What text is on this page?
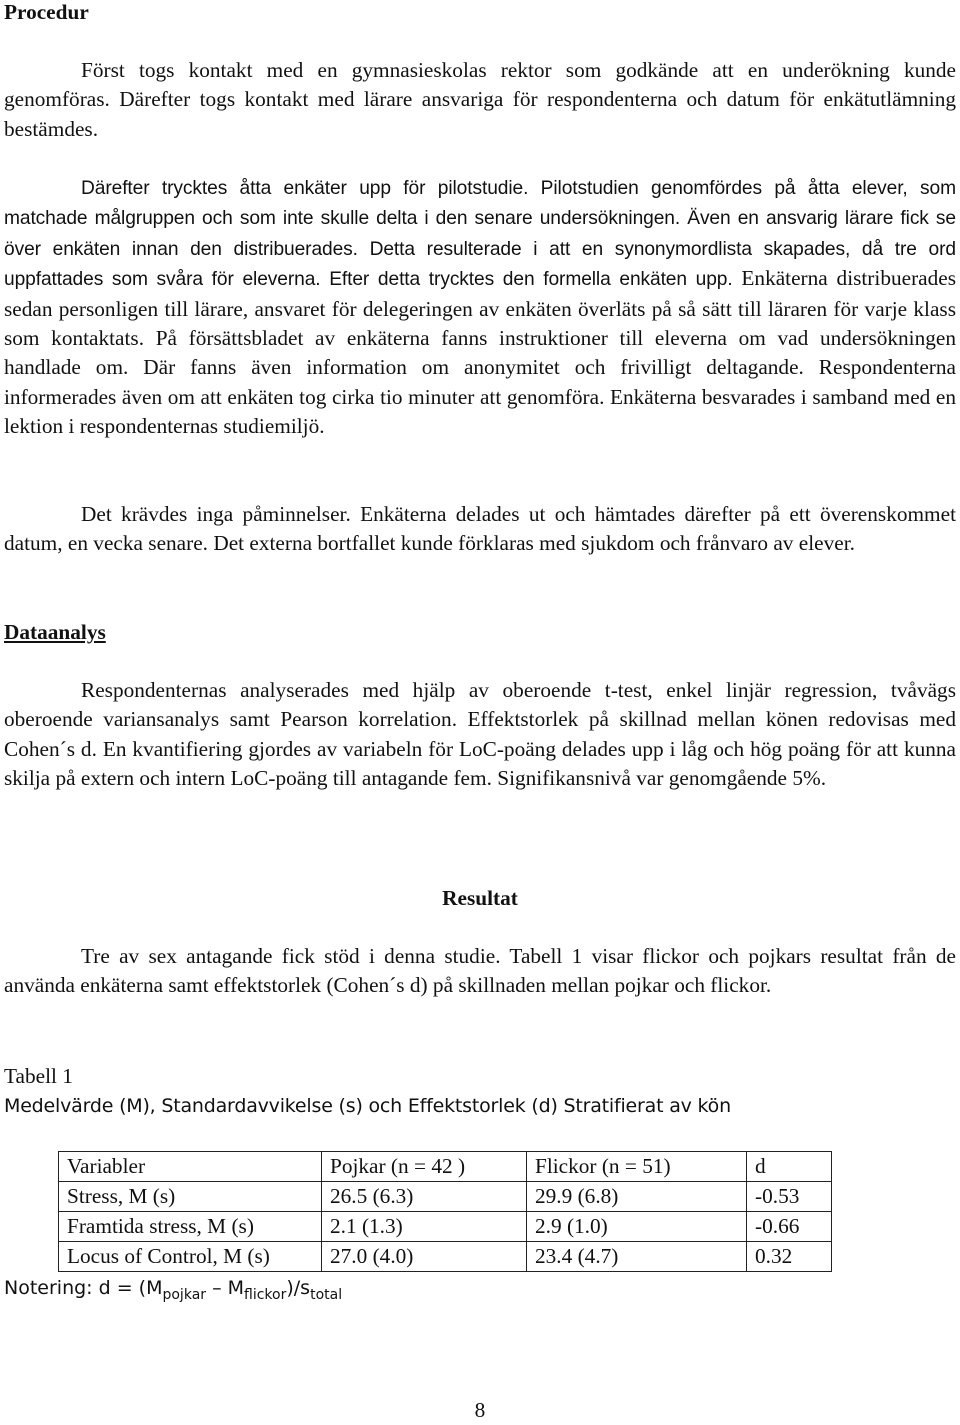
Procedur

Först togs kontakt med en gymnasieskolas rektor som godkände att en underökning kunde genomföras. Därefter togs kontakt med lärare ansvariga för respondenterna och datum för enkätutlämning bestämdes.

Därefter trycktes åtta enkäter upp för pilotstudie. Pilotstudien genomfördes på åtta elever, som matchade målgruppen och som inte skulle delta i den senare undersökningen. Även en ansvarig lärare fick se över enkäten innan den distribuerades. Detta resulterade i att en synonymordlista skapades, då tre ord uppfattades som svåra för eleverna. Efter detta trycktes den formella enkäten upp. Enkäterna distribuerades sedan personligen till lärare, ansvaret för delegeringen av enkäten överläts på så sätt till läraren för varje klass som kontaktats. På försättsbladet av enkäterna fanns instruktioner till eleverna om vad undersökningen handlade om. Där fanns även information om anonymitet och frivilligt deltagande. Respondenterna informerades även om att enkäten tog cirka tio minuter att genomföra. Enkäterna besvarades i samband med en lektion i respondenternas studiemiljö.

Det krävdes inga påminnelser. Enkäterna delades ut och hämtades därefter på ett överenskommet datum, en vecka senare. Det externa bortfallet kunde förklaras med sjukdom och frånvaro av elever.

Dataanalys

Respondenternas analyserades med hjälp av oberoende t-test, enkel linjär regression, tvåvägs oberoende variansanalys samt Pearson korrelation. Effektstorlek på skillnad mellan könen redovisas med Cohen´s d. En kvantifiering gjordes av variabeln för LoC-poäng delades upp i låg och hög poäng för att kunna skilja på extern och intern LoC-poäng till antagande fem. Signifikansnivå var genomgående 5%.

Resultat

Tre av sex antagande fick stöd i denna studie. Tabell 1 visar flickor och pojkars resultat från de använda enkäterna samt effektstorlek (Cohen´s d) på skillnaden mellan pojkar och flickor.

Tabell 1
Medelvärde (M), Standardavvikelse (s) och Effektstorlek (d) Stratifierat av kön
Variabler	Pojkar (n = 42 )	Flickor (n = 51)	d
Stress, M (s)	26.5 (6.3)	29.9 (6.8)	-0.53
Framtida stress, M (s)	2.1 (1.3)	2.9 (1.0)	-0.66
Locus of Control, M (s)	27.0 (4.0)	23.4 (4.7)	0.32
Notering: $d = (M_{pojkar} - M_{flickor})/s_{total}$
8
